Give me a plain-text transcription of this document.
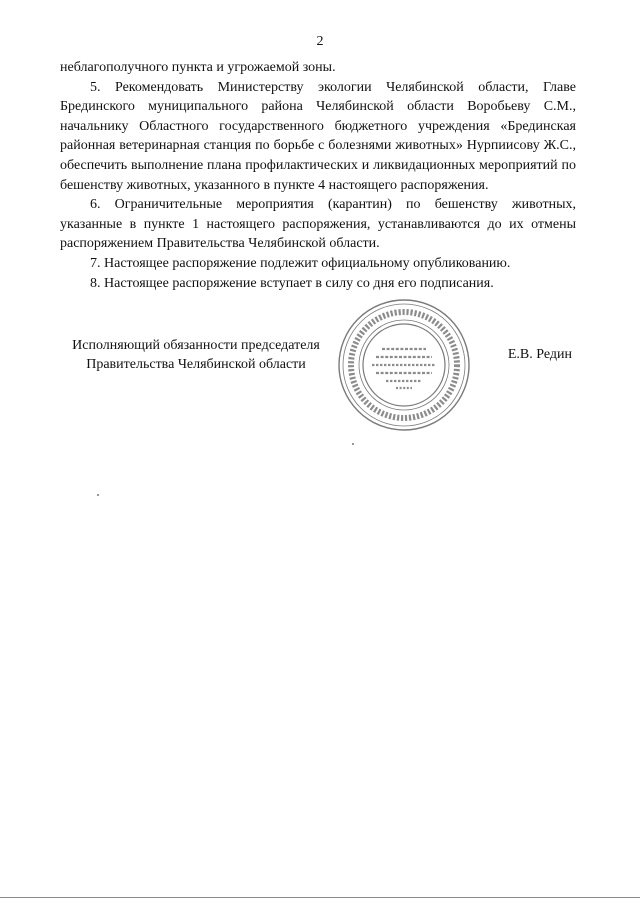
2

неблагополучного пункта и угрожаемой зоны.

5. Рекомендовать Министерству экологии Челябинской области, Главе Брединского муниципального района Челябинской области Воробьеву С.М., начальнику Областного государственного бюджетного учреждения «Брединская районная ветеринарная станция по борьбе с болезнями животных» Нурпиисову Ж.С., обеспечить выполнение плана профилактических и ликвидационных мероприятий по бешенству животных, указанного в пункте 4 настоящего распоряжения.

6. Ограничительные мероприятия (карантин) по бешенству животных, указанные в пункте 1 настоящего распоряжения, устанавливаются до их отмены распоряжением Правительства Челябинской области.

7. Настоящее распоряжение подлежит официальному опубликованию.

8. Настоящее распоряжение вступает в силу со дня его подписания.

Исполняющий обязанности председателя
Правительства Челябинской области
Е.В. Редин
